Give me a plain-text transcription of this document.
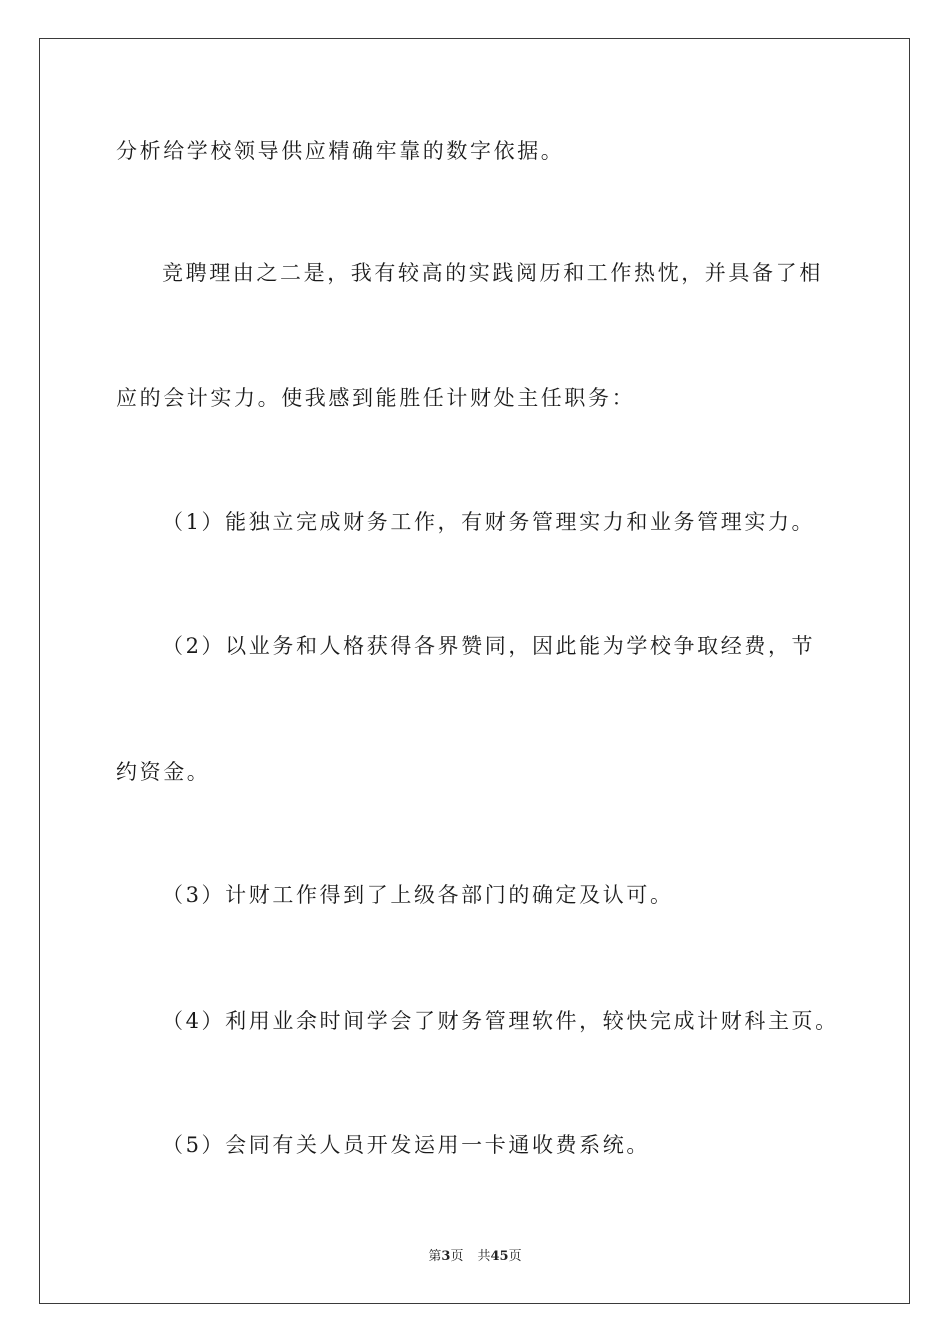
分析给学校领导供应精确牢靠的数字依据。
竞聘理由之二是，我有较高的实践阅历和工作热忱，并具备了相
应的会计实力。使我感到能胜任计财处主任职务：
（1）能独立完成财务工作，有财务管理实力和业务管理实力。
（2）以业务和人格获得各界赞同，因此能为学校争取经费，节
约资金。
（3）计财工作得到了上级各部门的确定及认可。
（4）利用业余时间学会了财务管理软件，较快完成计财科主页。
（5）会同有关人员开发运用一卡通收费系统。
第3页 共45页
